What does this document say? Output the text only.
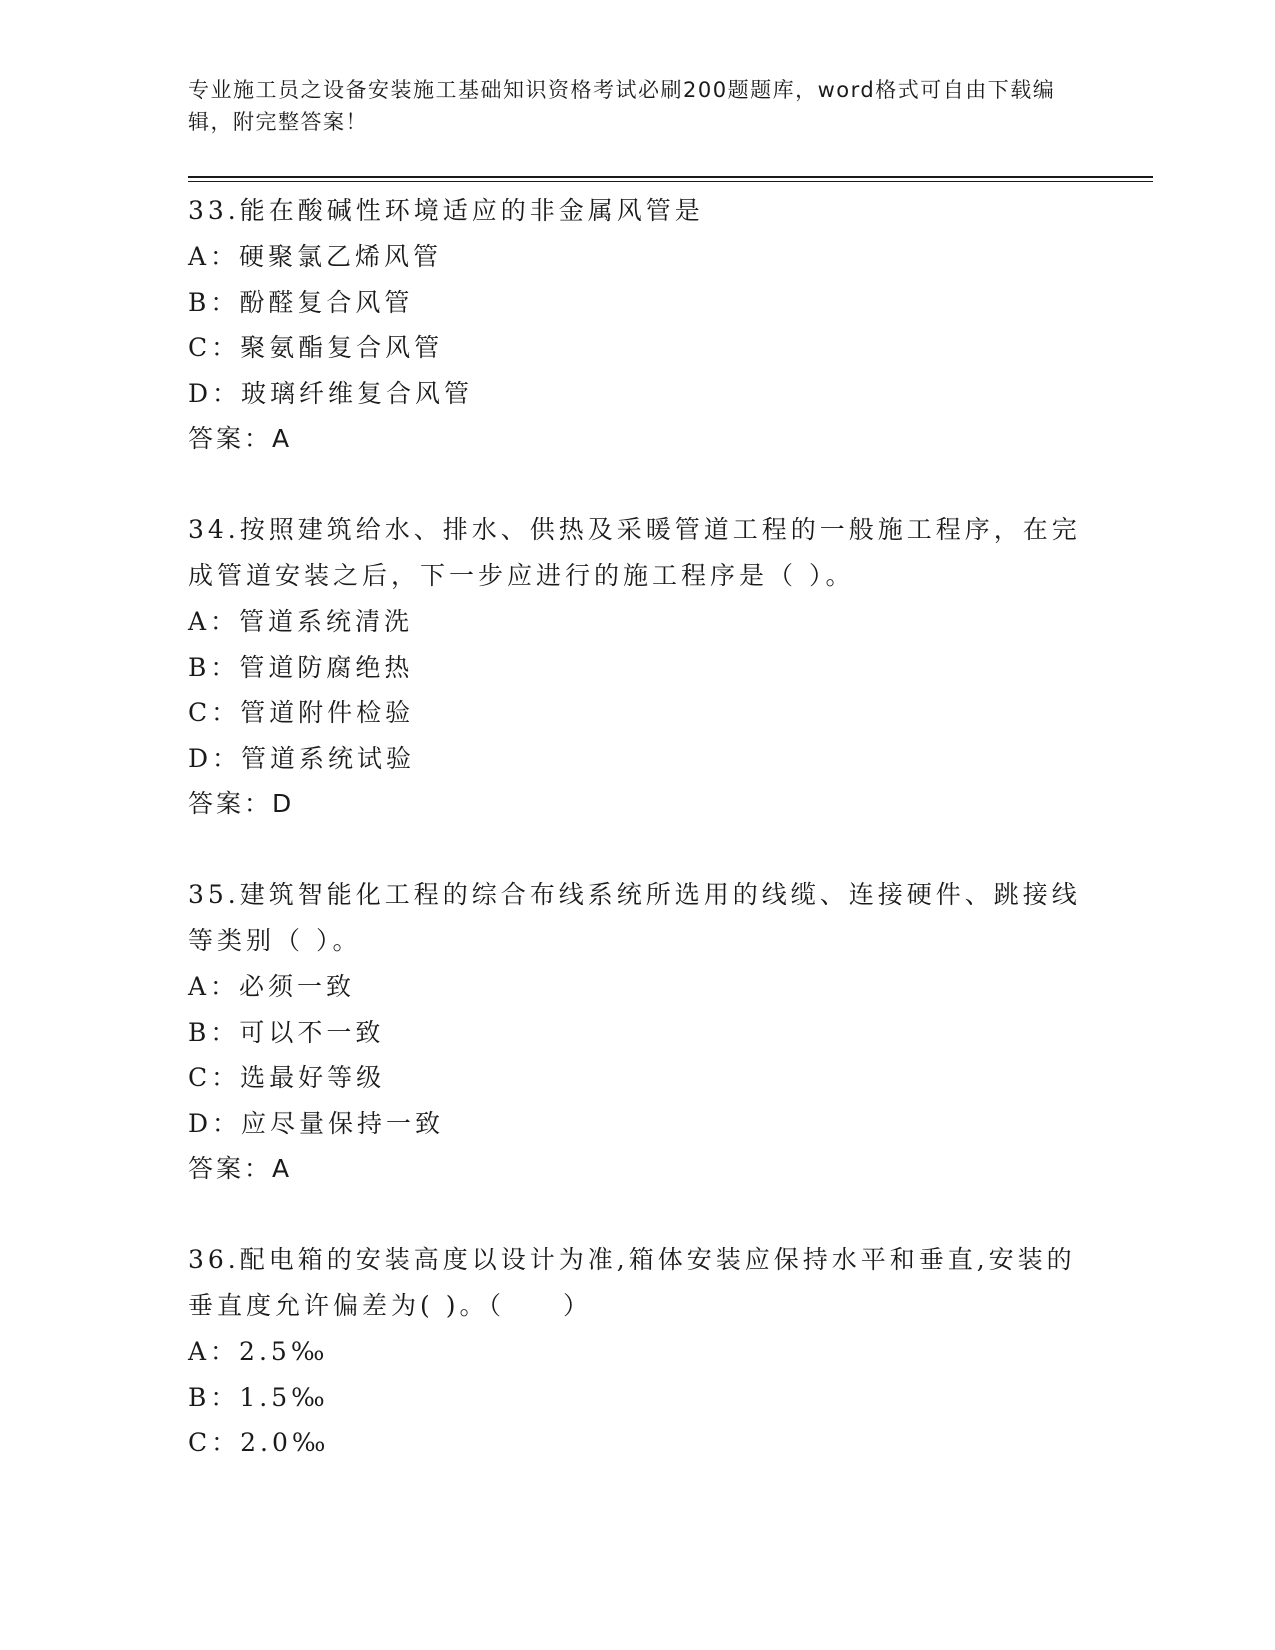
专业施工员之设备安装施工基础知识资格考试必刷200题题库，word格式可自由下载编辑，附完整答案！

33.能在酸碱性环境适应的非金属风管是

A：硬聚氯乙烯风管

B：酚醛复合风管

C：聚氨酯复合风管

D：玻璃纤维复合风管

答案：A

34.按照建筑给水、排水、供热及采暖管道工程的一般施工程序，在完成管道安装之后，下一步应进行的施工程序是（ ）。

A：管道系统清洗

B：管道防腐绝热

C：管道附件检验

D：管道系统试验

答案：D

35.建筑智能化工程的综合布线系统所选用的线缆、连接硬件、跳接线等类别（ ）。

A：必须一致

B：可以不一致

C：选最好等级

D：应尽量保持一致

答案：A

36.配电箱的安装高度以设计为准,箱体安装应保持水平和垂直,安装的垂直度允许偏差为( )。（　　）

A：2.5‰

B：1.5‰

C：2.0‰
